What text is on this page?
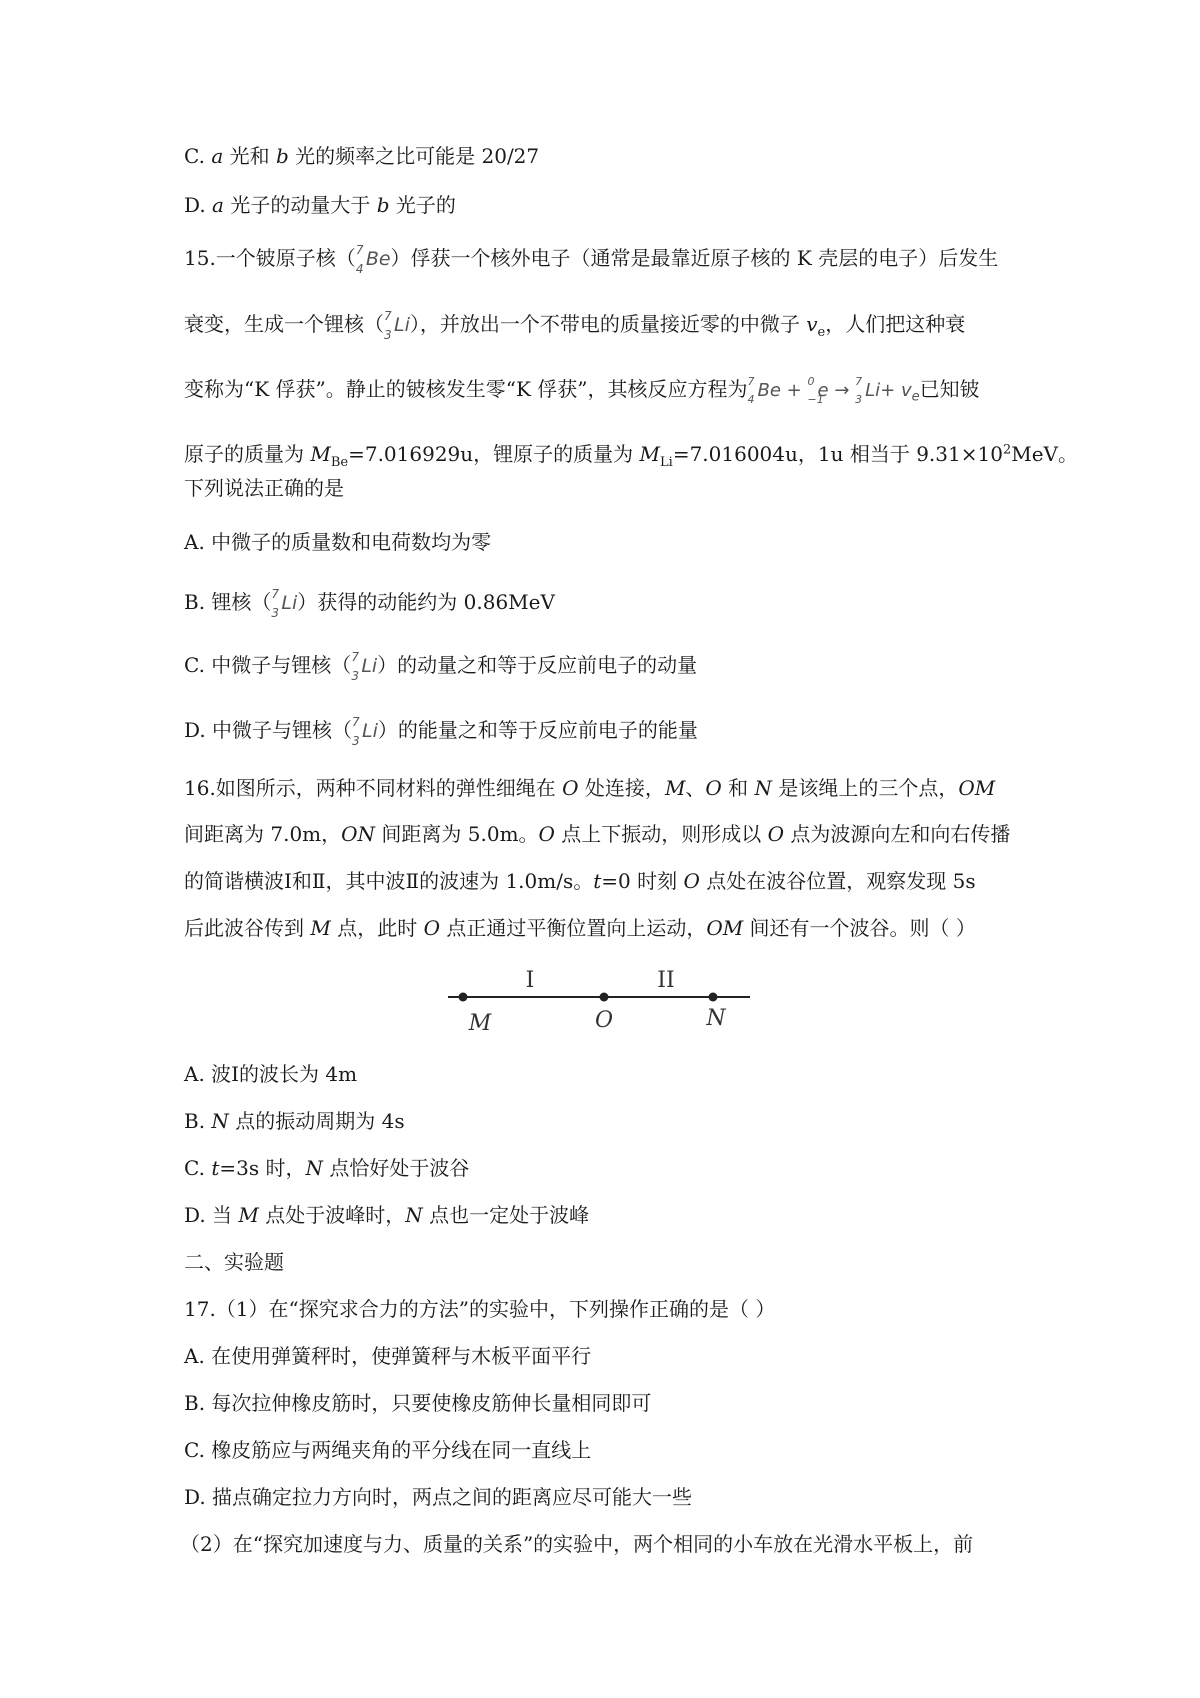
C. a 光和 b 光的频率之比可能是 20/27
D. a 光子的动量大于 b 光子的
15.一个铍原子核（ 7
4 Be）俘获一个核外电子（通常是最靠近原子核的 K 壳层的电子）后发生
衰变，生成一个锂核（ 7
3 Li），并放出一个不带电的质量接近零的中微子 $v_e$，人们把这种衰
变称为“K 俘获”。静止的铍核发生零“K 俘获”，其核反应方程为 7
4 Be + 0
−1
e → 7
3 $Li+ v_e$已知铍
原子的质量为 $M_{Be}=7.016929u$，锂原子的质量为 $M_{Li}=7.016004u$，1u 相当于 $9.31\times 10^2MeV$。
下列说法正确的是
A. 中微子的质量数和电荷数均为零
B. 锂核（ 7
3 Li）获得的动能约为 0.86MeV
C. 中微子与锂核（ 7
3 Li）的动量之和等于反应前电子的动量
D. 中微子与锂核（ 7
3 Li）的能量之和等于反应前电子的能量
16.如图所示，两种不同材料的弹性细绳在 O 处连接，M、O 和 N 是该绳上的三个点，OM
间距离为 7.0m，ON 间距离为 5.0m。O 点上下振动，则形成以 O 点为波源向左和向右传播
的简谐横波Ⅰ和Ⅱ，其中波Ⅱ的波速为 1.0m/s。t=0 时刻 O 点处在波谷位置，观察发现 5s
后此波谷传到 M 点，此时 O 点正通过平衡位置向上运动，OM 间还有一个波谷。则（ ）
I	II
M	O	N
A. 波Ⅰ的波长为 4m
B. N 点的振动周期为 4s
C. t=3s 时，N 点恰好处于波谷
D. 当 M 点处于波峰时，N 点也一定处于波峰
二、实验题
17.（1）在“探究求合力的方法”的实验中，下列操作正确的是（ ）
A. 在使用弹簧秤时，使弹簧秤与木板平面平行
B. 每次拉伸橡皮筋时，只要使橡皮筋伸长量相同即可
C. 橡皮筋应与两绳夹角的平分线在同一直线上
D. 描点确定拉力方向时，两点之间的距离应尽可能大一些
（2）在“探究加速度与力、质量的关系”的实验中，两个相同的小车放在光滑水平板上，前
